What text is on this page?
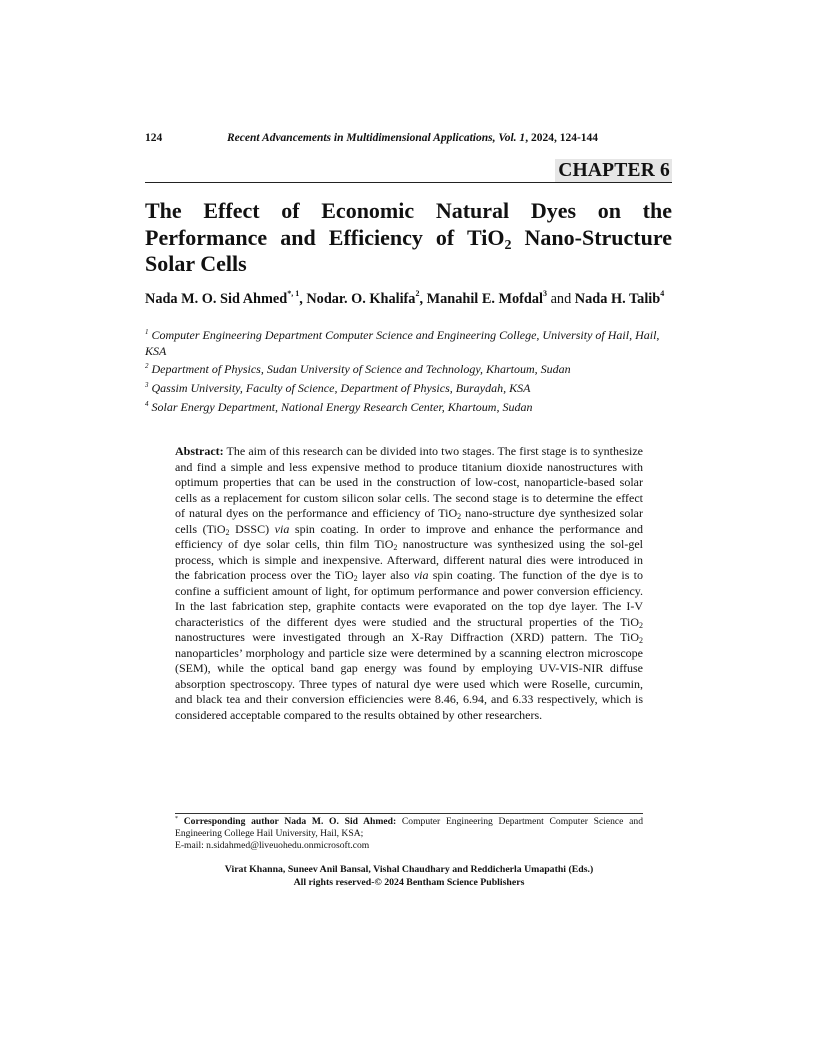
124	Recent Advancements in Multidimensional Applications, Vol. 1, 2024, 124-144
CHAPTER 6
The Effect of Economic Natural Dyes on the Performance and Efficiency of TiO$_2$ Nano-Structure Solar Cells

Nada M. O. Sid Ahmed$^{*, 1}$, Nodar. O. Khalifa$^2$, Manahil E. Mofdal$^3$ and Nada H. Talib$^4$

$^1$ Computer Engineering Department Computer Science and Engineering College, University of Hail, Hail, KSA

$^2$ Department of Physics, Sudan University of Science and Technology, Khartoum, Sudan

$^3$ Qassim University, Faculty of Science, Department of Physics, Buraydah, KSA

$^4$ Solar Energy Department, National Energy Research Center, Khartoum, Sudan

Abstract: The aim of this research can be divided into two stages. The first stage is to synthesize and find a simple and less expensive method to produce titanium dioxide nanostructures with optimum properties that can be used in the construction of low-cost, nanoparticle-based solar cells as a replacement for custom silicon solar cells. The second stage is to determine the effect of natural dyes on the performance and efficiency of TiO$_2$ nano-structure dye synthesized solar cells (TiO$_2$ DSSC) via spin coating. In order to improve and enhance the performance and efficiency of dye solar cells, thin film TiO$_2$ nanostructure was synthesized using the sol-gel process, which is simple and inexpensive. Afterward, different natural dies were introduced in the fabrication process over the TiO$_2$ layer also via spin coating. The function of the dye is to confine a sufficient amount of light, for optimum performance and power conversion efficiency. In the last fabrication step, graphite contacts were evaporated on the top dye layer. The I-V characteristics of the different dyes were studied and the structural properties of the TiO$_2$ nanostructures were investigated through an X-Ray Diffraction (XRD) pattern. The TiO$_2$ nanoparticles’ morphology and particle size were determined by a scanning electron microscope (SEM), while the optical band gap energy was found by employing UV-VIS-NIR diffuse absorption spectroscopy. Three types of natural dye were used which were Roselle, curcumin, and black tea and their conversion efficiencies were 8.46, 6.94, and 6.33 respectively, which is considered acceptable compared to the results obtained by other researchers.

* Corresponding author Nada M. O. Sid Ahmed: Computer Engineering Department Computer Science and Engineering College Hail University, Hail, KSA;
E-mail: n.sidahmed@liveuohedu.onmicrosoft.com

Virat Khanna, Suneev Anil Bansal, Vishal Chaudhary and Reddicherla Umapathi (Eds.)
All rights reserved-© 2024 Bentham Science Publishers
